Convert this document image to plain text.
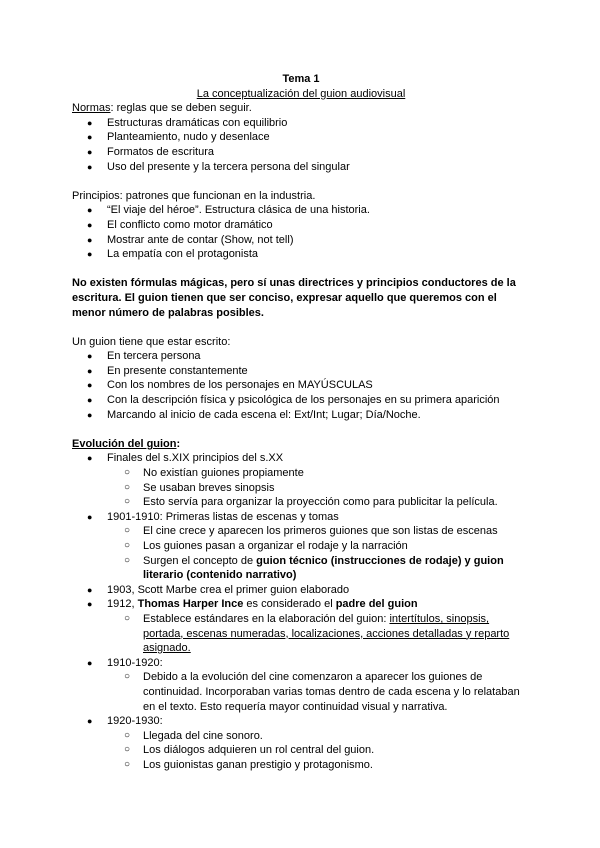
Tema 1
La conceptualización del guion audiovisual

Normas: reglas que se deben seguir.

● Estructuras dramáticas con equilibrio
● Planteamiento, nudo y desenlace
● Formatos de escritura
● Uso del presente y la tercera persona del singular

Principios: patrones que funcionan en la industria.

● “El viaje del héroe”. Estructura clásica de una historia.
● El conflicto como motor dramático
● Mostrar ante de contar (Show, not tell)
● La empatía con el protagonista

No existen fórmulas mágicas, pero sí unas directrices y principios conductores de la escritura. El guion tienen que ser conciso, expresar aquello que queremos con el menor número de palabras posibles.

Un guion tiene que estar escrito:

● En tercera persona
● En presente constantemente
● Con los nombres de los personajes en MAYÚSCULAS
● Con la descripción física y psicológica de los personajes en su primera aparición
● Marcando al inicio de cada escena el: Ext/Int; Lugar; Día/Noche.

Evolución del guion:

● Finales del s.XIX principios del s.XX
○ No existían guiones propiamente
○ Se usaban breves sinopsis
○ Esto servía para organizar la proyección como para publicitar la película.
● 1901-1910: Primeras listas de escenas y tomas
○ El cine crece y aparecen los primeros guiones que son listas de escenas
○ Los guiones pasan a organizar el rodaje y la narración
○ Surgen el concepto de guion técnico (instrucciones de rodaje) y guion literario (contenido narrativo)
● 1903, Scott Marbe crea el primer guion elaborado
● 1912, Thomas Harper Ince es considerado el padre del guion
○ Establece estándares en la elaboración del guion: intertítulos, sinopsis, portada, escenas numeradas, localizaciones, acciones detalladas y reparto asignado.
● 1910-1920:
○ Debido a la evolución del cine comenzaron a aparecer los guiones de continuidad. Incorporaban varias tomas dentro de cada escena y lo relataban en el texto. Esto requería mayor continuidad visual y narrativa.
● 1920-1930:
○ Llegada del cine sonoro.
○ Los diálogos adquieren un rol central del guion.
○ Los guionistas ganan prestigio y protagonismo.
